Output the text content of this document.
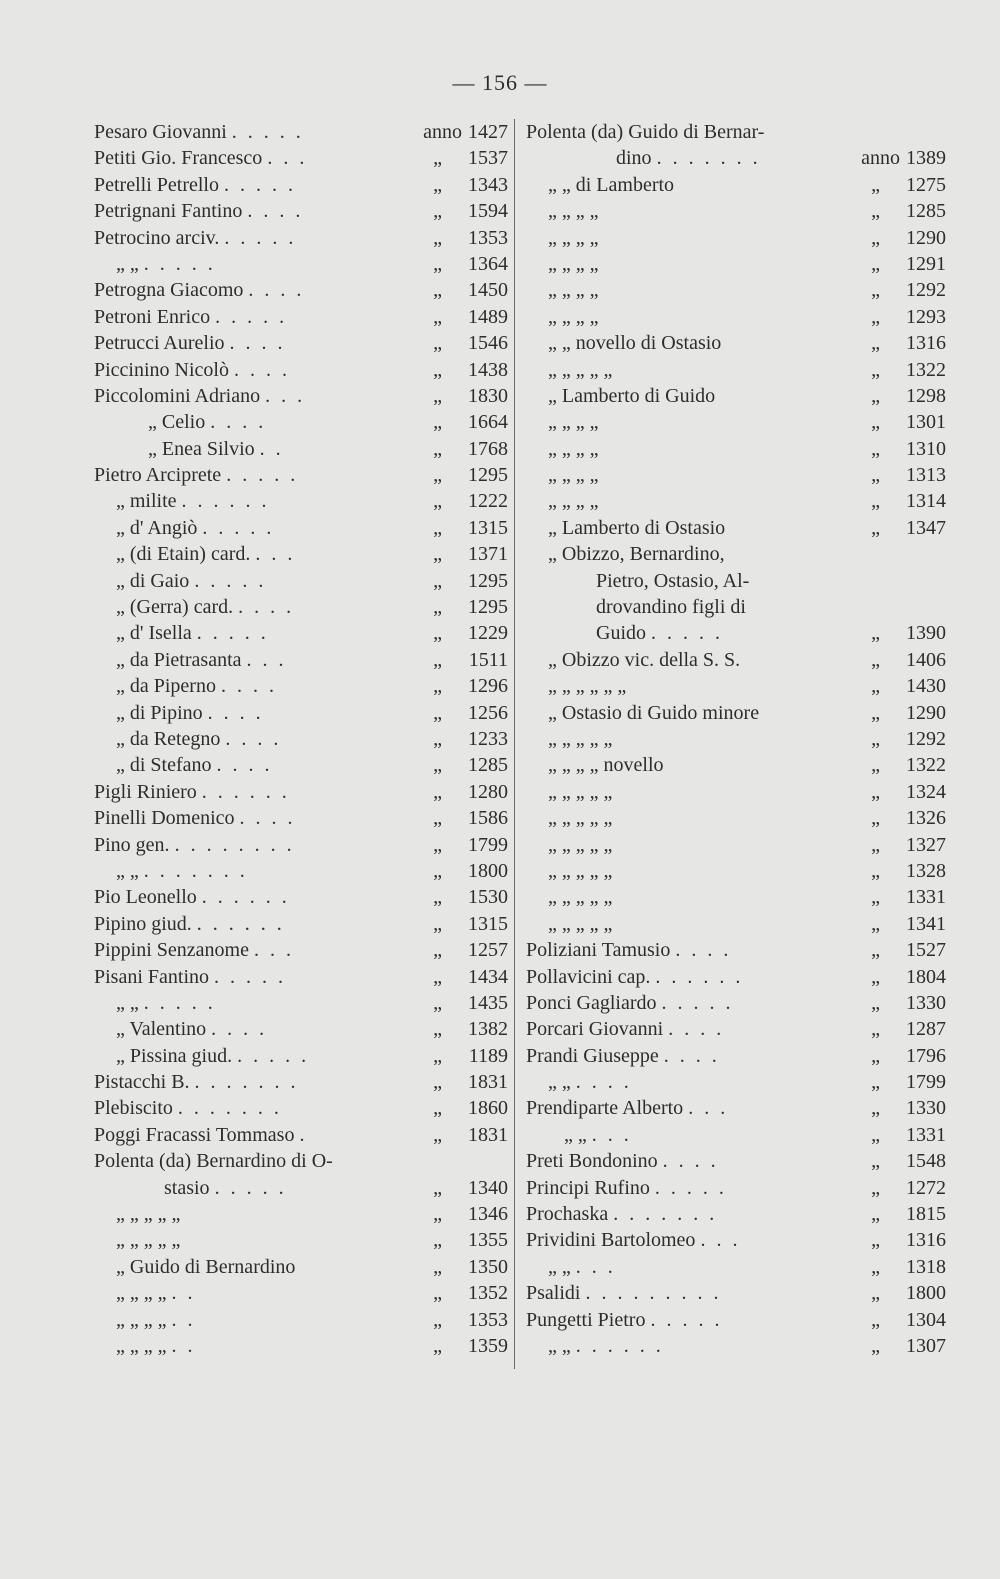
— 156 —
Pesaro Giovanni . . . . .	anno 1427
Petiti Gio. Francesco . . .	„ 1537
Petrelli Petrello . . . . .	„ 1343
Petrignani Fantino . . . .	„ 1594
Petrocino arciv. . . . . .	„ 1353
„ „ . . . . .	„ 1364
Petrogna Giacomo . . . .	„ 1450
Petroni Enrico . . . . .	„ 1489
Petrucci Aurelio . . . .	„ 1546
Piccinino Nicolò . . . .	„ 1438
Piccolomini Adriano . . .	„ 1830
„ Celio . . . .	„ 1664
„ Enea Silvio . .	„ 1768
Pietro Arciprete . . . . .	„ 1295
„ milite . . . . . .	„ 1222
„ d' Angiò . . . . .	„ 1315
„ (di Etain) card. . . .	„ 1371
„ di Gaio . . . . .	„ 1295
„ (Gerra) card. . . . .	„ 1295
„ d' Isella . . . . .	„ 1229
„ da Pietrasanta . . .	„ 1511
„ da Piperno . . . .	„ 1296
„ di Pipino . . . .	„ 1256
„ da Retegno . . . .	„ 1233
„ di Stefano . . . .	„ 1285
Pigli Riniero . . . . . .	„ 1280
Pinelli Domenico . . . .	„ 1586
Pino gen. . . . . . . . .	„ 1799
„ „ . . . . . . .	„ 1800
Pio Leonello . . . . . .	„ 1530
Pipino giud. . . . . . .	„ 1315
Pippini Senzanome . . .	„ 1257
Pisani Fantino . . . . .	„ 1434
„ „ . . . . .	„ 1435
„ Valentino . . . .	„ 1382
„ Pissina giud. . . . . .	„ 1189
Pistacchi B. . . . . . . .	„ 1831
Plebiscito . . . . . . .	„ 1860
Poggi Fracassi Tommaso .	„ 1831
Polenta (da) Bernardino di O-
stasio . . . . .	„ 1340
„ „ „ „ „	„ 1346
„ „ „ „ „	„ 1355
„ Guido di Bernardino	„ 1350
„ „ „ „ . .	„ 1352
„ „ „ „ . .	„ 1353
„ „ „ „ . .	„ 1359
Polenta (da) Guido di Bernar-
dino . . . . . . .	anno 1389
„ „ di Lamberto	„ 1275
„ „ „ „	„ 1285
„ „ „ „	„ 1290
„ „ „ „	„ 1291
„ „ „ „	„ 1292
„ „ „ „	„ 1293
„ „ novello di Ostasio	„ 1316
„ „ „ „ „	„ 1322
„ Lamberto di Guido	„ 1298
„ „ „ „	„ 1301
„ „ „ „	„ 1310
„ „ „ „	„ 1313
„ „ „ „	„ 1314
„ Lamberto di Ostasio	„ 1347
„ Obizzo, Bernardino,
Pietro, Ostasio, Al-
drovandino figli di
Guido . . . . .	„ 1390
„ Obizzo vic. della S. S.	„ 1406
„ „ „ „ „ „	„ 1430
„ Ostasio di Guido minore	„ 1290
„ „ „ „ „	„ 1292
„ „ „ „ novello	„ 1322
„ „ „ „ „	„ 1324
„ „ „ „ „	„ 1326
„ „ „ „ „	„ 1327
„ „ „ „ „	„ 1328
„ „ „ „ „	„ 1331
„ „ „ „ „	„ 1341
Poliziani Tamusio . . . .	„ 1527
Pollavicini cap. . . . . . .	„ 1804
Ponci Gagliardo . . . . .	„ 1330
Porcari Giovanni . . . .	„ 1287
Prandi Giuseppe . . . .	„ 1796
„ „ . . . .	„ 1799
Prendiparte Alberto . . .	„ 1330
„ „ . . .	„ 1331
Preti Bondonino . . . .	„ 1548
Principi Rufino . . . . .	„ 1272
Prochaska . . . . . . .	„ 1815
Prividini Bartolomeo . . .	„ 1316
„ „ . . .	„ 1318
Psalidi . . . . . . . . .	„ 1800
Pungetti Pietro . . . . .	„ 1304
„ „ . . . . . .	„ 1307
